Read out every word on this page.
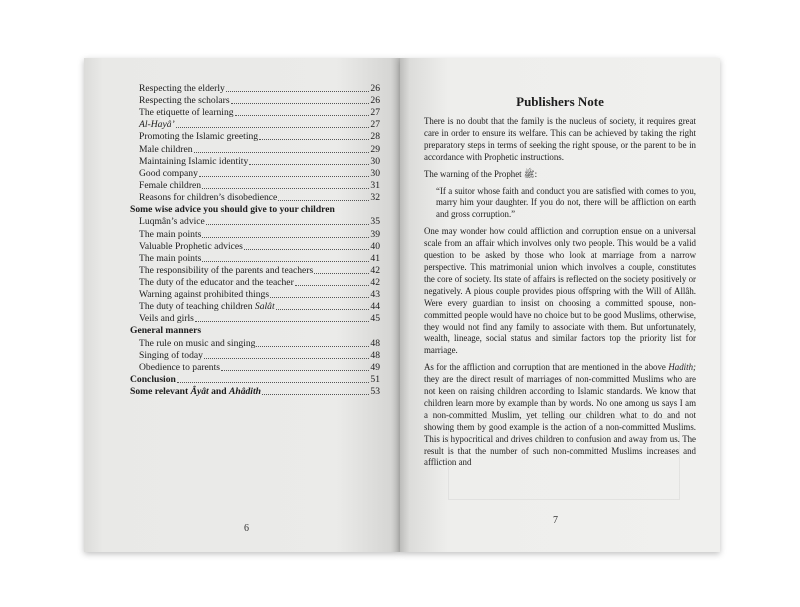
Respecting the elderly	26
Respecting the scholars	26
The etiquette of learning	27
Al-Hayâ’	27
Promoting the Islamic greeting	28
Male children	29
Maintaining Islamic identity	30
Good company	30
Female children	31
Reasons for children’s disobedience	32
Some wise advice you should give to your children
Luqmân’s advice	35
The main points	39
Valuable Prophetic advices	40
The main points	41
The responsibility of the parents and teachers	42
The duty of the educator and the teacher	42
Warning against prohibited things	43
The duty of teaching children Salât	44
Veils and girls	45
General manners
The rule on music and singing	48
Singing of today	48
Obedience to parents	49
Conclusion	51
Some relevant Âyât and Ahâdith	53
6
Publishers Note

There is no doubt that the family is the nucleus of society, it requires great care in order to ensure its welfare. This can be achieved by taking the right preparatory steps in terms of seeking the right spouse, or the parent to be in accordance with Prophetic instructions.

The warning of the Prophet ﷺ:

“If a suitor whose faith and conduct you are satisfied with comes to you, marry him your daughter. If you do not, there will be affliction on earth and gross corruption.”

One may wonder how could affliction and corruption ensue on a universal scale from an affair which involves only two people. This would be a valid question to be asked by those who look at marriage from a narrow perspective. This matrimonial union which involves a couple, constitutes the core of society. Its state of affairs is reflected on the society positively or negatively. A pious couple provides pious offspring with the Will of Allâh. Were every guardian to insist on choosing a committed spouse, non-committed people would have no choice but to be good Muslims, otherwise, they would not find any family to associate with them. But unfortunately, wealth, lineage, social status and similar factors top the priority list for marriage.

As for the affliction and corruption that are mentioned in the above Hadith; they are the direct result of marriages of non-committed Muslims who are not keen on raising children according to Islamic standards. We know that children learn more by example than by words. No one among us says I am a non-committed Muslim, yet telling our children what to do and not showing them by good example is the action of a non-committed Muslims. This is hypocritical and drives children to confusion and away from us. The result is that the number of such non-committed Muslims increases and affliction and

7
